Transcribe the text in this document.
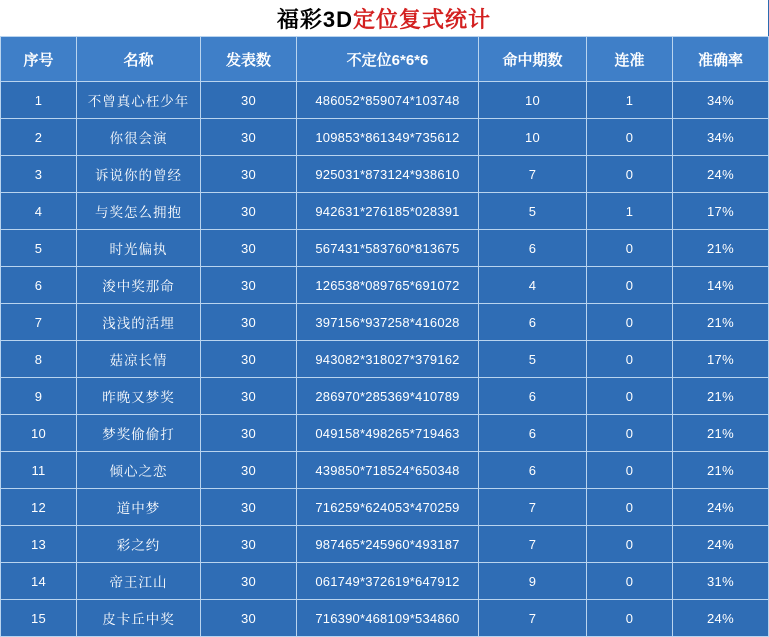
福彩3D定位复式统计
序号	名称	发表数	不定位6*6*6	命中期数	连准	准确率
1	不曾真心枉少年	30	486052*859074*103748	10	1	34%
2	你很会演	30	109853*861349*735612	10	0	34%
3	诉说你的曾经	30	925031*873124*938610	7	0	24%
4	与奖怎么拥抱	30	942631*276185*028391	5	1	17%
5	时光偏执	30	567431*583760*813675	6	0	21%
6	浚中奖那命	30	126538*089765*691072	4	0	14%
7	浅浅的活埋	30	397156*937258*416028	6	0	21%
8	菇凉长情	30	943082*318027*379162	5	0	17%
9	昨晚又梦奖	30	286970*285369*410789	6	0	21%
10	梦奖偷偷打	30	049158*498265*719463	6	0	21%
11	倾心之恋	30	439850*718524*650348	6	0	21%
12	道中梦	30	716259*624053*470259	7	0	24%
13	彩之约	30	987465*245960*493187	7	0	24%
14	帝王江山	30	061749*372619*647912	9	0	31%
15	皮卡丘中奖	30	716390*468109*534860	7	0	24%
